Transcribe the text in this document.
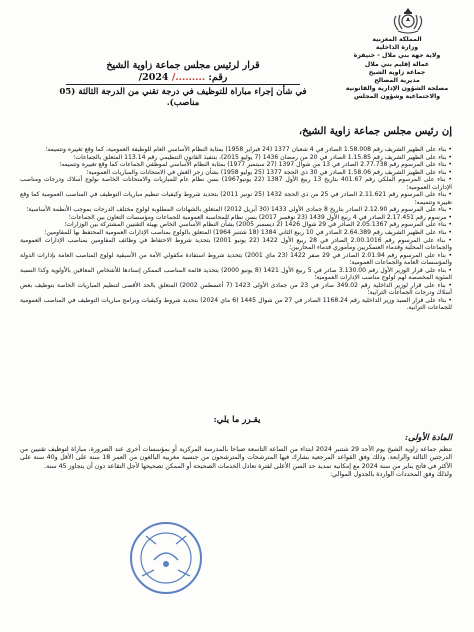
المملكة المغربية
وزارة الداخلية
ولاية جهة بني ملال - خنيفرة
عمالة إقليم بني ملال
جماعة زاوية الشيخ
مديرية المصالح
مصلحة الشؤون الإدارية والقانونية
والاجتماعية وشؤون المجلس
قرار لرئيس مجلس جماعة زاوية الشيخ
رقم: ........./ 2024/
في شأن إجراء مباراة للتوظيف في درجة تقني من الدرجة الثالثة (05 مناصب).
إن رئيس مجلس جماعة زاوية الشيخ،

• بناء على الظهير الشريف رقم 1.58.008 الصادر في 4 شعبان 1377 (24 فبراير 1958) بمثابة النظام الأساسي العام للوظيفة العمومية، كما وقع تغييره وتتميمه؛

• بناء على الظهير الشريف رقم 1.15.85 الصادر في 20 من رمضان 1436 (7 يوليو 2015)، بتنفيذ القانون التنظيمي رقم 113.14 المتعلق بالجماعات؛

• بناء على المرسوم رقم 2.77.738 الصادر في 13 من شوال 1397 (27 سبتمبر 1977) بمثابة النظام الأساسي لموظفي الجماعات كما وقع تغييره وتتميمه؛

• بناء على الظهير الشريف رقم 1.58.06 الصادر في 30 ذي الحجة 1377 (25 يوليو 1958) بشأن زجر الغش في الامتحانات والمباريات العمومية؛

• بناء على المرسوم الملكي رقم 401.67 بتاريخ 13 ربيع الأول 1387 (22 يونيو1967) بسن نظام عام للمباريات والامتحانات الخاصة بولوج أسلاك ودرجات ومناصب الإدارات العمومية؛

• بناء على المرسوم رقم 2.11.621 الصادر في 25 من ذي الحجة 1432 (25 نونبر 2011) بتحديد شروط وكيفيات تنظيم مباريات التوظيف في المناصب العمومية كما وقع تغييره وتتميمه؛

• بناء على المرسوم رقم 2.12.90 الصادر بتاريخ 8 جمادى الأولى 1433 (30 أبريل 2012) المتعلق بالشهادات المطلوبة لولوج مختلف الدرجات بموجب الأنظمة الأساسية؛

• مرسوم رقم 2.17.451 الصادر في 4 ربيع الأول 1439 (23 نوفمبر 2017) بسن نظام للمحاسبة العمومية للجماعات ومؤسسات التعاون بين الجماعات؛

• بناء على المرسوم رقم 2.05.1367 الصادر في 29 شوال 1426 (2 ديسمبر 2005) بشأن النظام الأساسي الخاص بهيئة التقنيين المشتركة بين الوزارات؛

• بناء على الظهير الشريف رقم 2.64.389 الصادر في 10 ربيع الثاني 1384 (18 شتنبر 1964) المتعلق بالولوج بمناصب الإدارات العمومية المحتفظ بها للمقاومين؛

• بناء على المرسوم رقم 2.00.1016 الصادر في 28 ربيع الأول 1422 (22 يونيو 2001) بتحديد شروط الاحتفاظ في وظائف المقاومين بمناصب الإدارات العمومية والجماعات المحلية وقدماء العسكريين ومأموري قدماء المحاربين؛

• بناء على المرسوم رقم 2.01.94 الصادر في 29 صفر 1422 (23 ماي 2001) بتحديد شروط استفادة مكفولي الأمة من الأسبقية لولوج المناصب العامة بإدارات الدولة والمؤسسات العامة والجماعات العمومية؛

• بناء على قرار الوزير الأول رقم 3.130.00 صادر في 5 ربيع الأول 1421 (8 يونيو 2000) بتحديد قائمة المناصب الممكن إسنادها للأشخاص المعاقين بالأولوية وكذا النسبة المئوية المخصصة لهم لولوج مناصب الإدارات العمومية؛

• بناء على قرار لوزير الداخلية رقم 349.02 صادر في 23 من جمادى الأولى 1423 (7 أغسطس 2002) المتعلق بالحد الأقصى لتنظيم المباريات الخاصة بتوظيف بعض أسلاك ودرجات الجماعات الترابية؛

• بناء على قرار السيد وزير الداخلية رقم 1168.24 الصادر في 27 من شوال 1445 (6 ماي 2024) بتحديد شروط وكيفيات وبرامج مباريات التوظيف في المناصب العمومية للجماعات الترابية.

يقـرر ما يلي:
المادة الأولى:

تنظم جماعة زاوية الشيخ يوم الأحد 29 شتنبر 2024 ابتداء من الساعة التاسعة صباحا بالمدرسة المركزية أو بمؤسسات أخرى عند الضرورة، مباراة لتوظيف تقنيين من الدرجتين الثالثة والرابعة. وذلك وفق القواعد المرجعية بشارك فيها المترشحات والمترشحون من جنسية مغربية البالغون من العمر 18 سنة على الأقل و40 سنة على الأكثر في فاتح يناير من سنة 2024 مع إمكانية تمديد حد السن الأعلى لفترة تعادل الخدمات الصحيحة أو الممكن تصحيحها لأجل التقاعد دون أن يتجاوز 45 سنة.

ولذلك وفق المحددات الواردة بالجدول الموالي:
